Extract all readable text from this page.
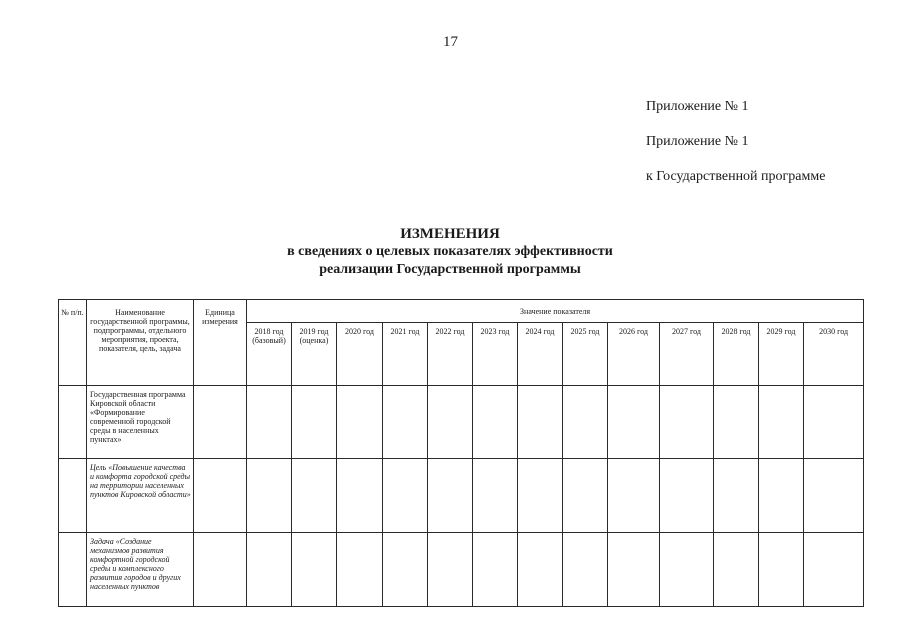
17
Приложение № 1
Приложение № 1
к Государственной программе
ИЗМЕНЕНИЯ
в сведениях о целевых показателях эффективности
реализации Государственной программы
№ п/п.	Наименование государственной программы, подпрограммы, отдельного мероприятия, проекта, показателя, цель, задача	Единица измерения	Значение показателя												
			2018 год (базовый)	2019 год (оценка)	2020 год	2021 год	2022 год	2023 год	2024 год	2025 год	2026 год	2027 год	2028 год	2029 год	2030 год
	Государственная программа Кировской области «Формирование современной городской среды в населенных пунктах»														
	Цель «Повышение качества и комфорта городской среды на территории населенных пунктов Кировской области»														
	Задача «Создание механизмов развития комфортной городской среды и комплексного развития городов и других населенных пунктов														
